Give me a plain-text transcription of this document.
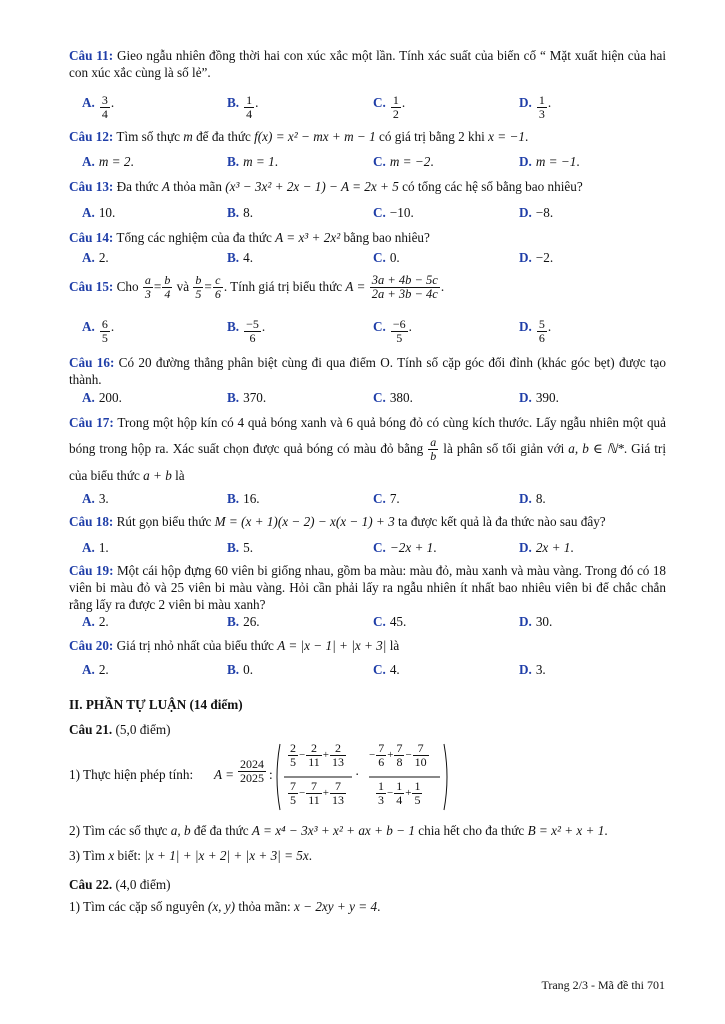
Câu 11: Gieo ngẫu nhiên đồng thời hai con xúc xắc một lần. Tính xác suất của biến cố “ Mặt xuất hiện của hai con xúc xắc cùng là số lẻ”.
A. $\frac{3}{4}$ .	B. $\frac{1}{4}$ .	C. $\frac{1}{2}$ .	D. $\frac{1}{3}$ .
Câu 12: Tìm số thực m để đa thức f(x) = x² − mx + m − 1 có giá trị bằng 2 khi x = −1.
A. m = 2.	B. m = 1.	C. m = −2.	D. m = −1.
Câu 13: Đa thức A thỏa mãn (x³ − 3x² + 2x − 1) − A = 2x + 5 có tổng các hệ số bằng bao nhiêu?
A. 10.	B. 8.	C. −10.	D. −8.
Câu 14: Tổng các nghiệm của đa thức A = x³ + 2x² bằng bao nhiêu?
A. 2.	B. 4.	C. 0.	D. −2.
Câu 15: Cho $\frac{a}{3} = \frac{b}{4}$ và $\frac{b}{5} = \frac{c}{6}$ . Tính giá trị biểu thức $A = \frac{3a + 4b - 5c}{2a + 3b - 4c}$ .
A. $\frac{6}{5}$ .	B. $\frac{-5}{6}$ .	C. $\frac{-6}{5}$ .	D. $\frac{5}{6}$ .
Câu 16: Có 20 đường thẳng phân biệt cùng đi qua điểm O. Tính số cặp góc đối đỉnh (khác góc bẹt) được tạo thành.
A. 200.	B. 370.	C. 380.	D. 390.
Câu 17: Trong một hộp kín có 4 quả bóng xanh và 6 quả bóng đỏ có cùng kích thước. Lấy ngẫu nhiên một quả bóng trong hộp ra. Xác suất chọn được quả bóng có màu đỏ bằng $\frac{a}{b}$ là phân số tối giản với a, b ∈ ℕ*. Giá trị của biểu thức a + b là
A. 3.	B. 16.	C. 7.	D. 8.
Câu 18: Rút gọn biểu thức M = (x + 1)(x − 2) − x(x − 1) + 3 ta được kết quả là đa thức nào sau đây?
A. 1.	B. 5.	C. −2x + 1.	D. 2x + 1.
Câu 19: Một cái hộp đựng 60 viên bi giống nhau, gồm ba màu: màu đỏ, màu xanh và màu vàng. Trong đó có 18 viên bi màu đỏ và 25 viên bi màu vàng. Hỏi cần phải lấy ra ngẫu nhiên ít nhất bao nhiêu viên bi để chắc chắn rằng lấy ra được 2 viên bi màu xanh?
A. 2.	B. 26.	C. 45.	D. 30.
Câu 20: Giá trị nhỏ nhất của biểu thức A = |x − 1| + |x + 3| là
A. 2.	B. 0.	C. 4.	D. 3.
II. PHẦN TỰ LUẬN (14 điểm)
Câu 21. (5,0 điểm)
1) Thực hiện phép tính: $A = \frac{2024}{2025}$ :
$\frac{2}{5} - \frac{2}{11} + \frac{2}{13}$
$\frac{7}{5} - \frac{7}{11} + \frac{7}{13}$
·
− $\frac{7}{6} + \frac{7}{8} - \frac{7}{10}$
$\frac{1}{3} - \frac{1}{4} + \frac{1}{5}$
2) Tìm các số thực a, b để đa thức A = x⁴ − 3x³ + x² + ax + b − 1 chia hết cho đa thức B = x² + x + 1.
3) Tìm x biết: |x + 1| + |x + 2| + |x + 3| = 5x.
Câu 22. (4,0 điểm)
1) Tìm các cặp số nguyên (x, y) thỏa mãn: x − 2xy + y = 4.
Trang 2/3 - Mã đề thi 701
